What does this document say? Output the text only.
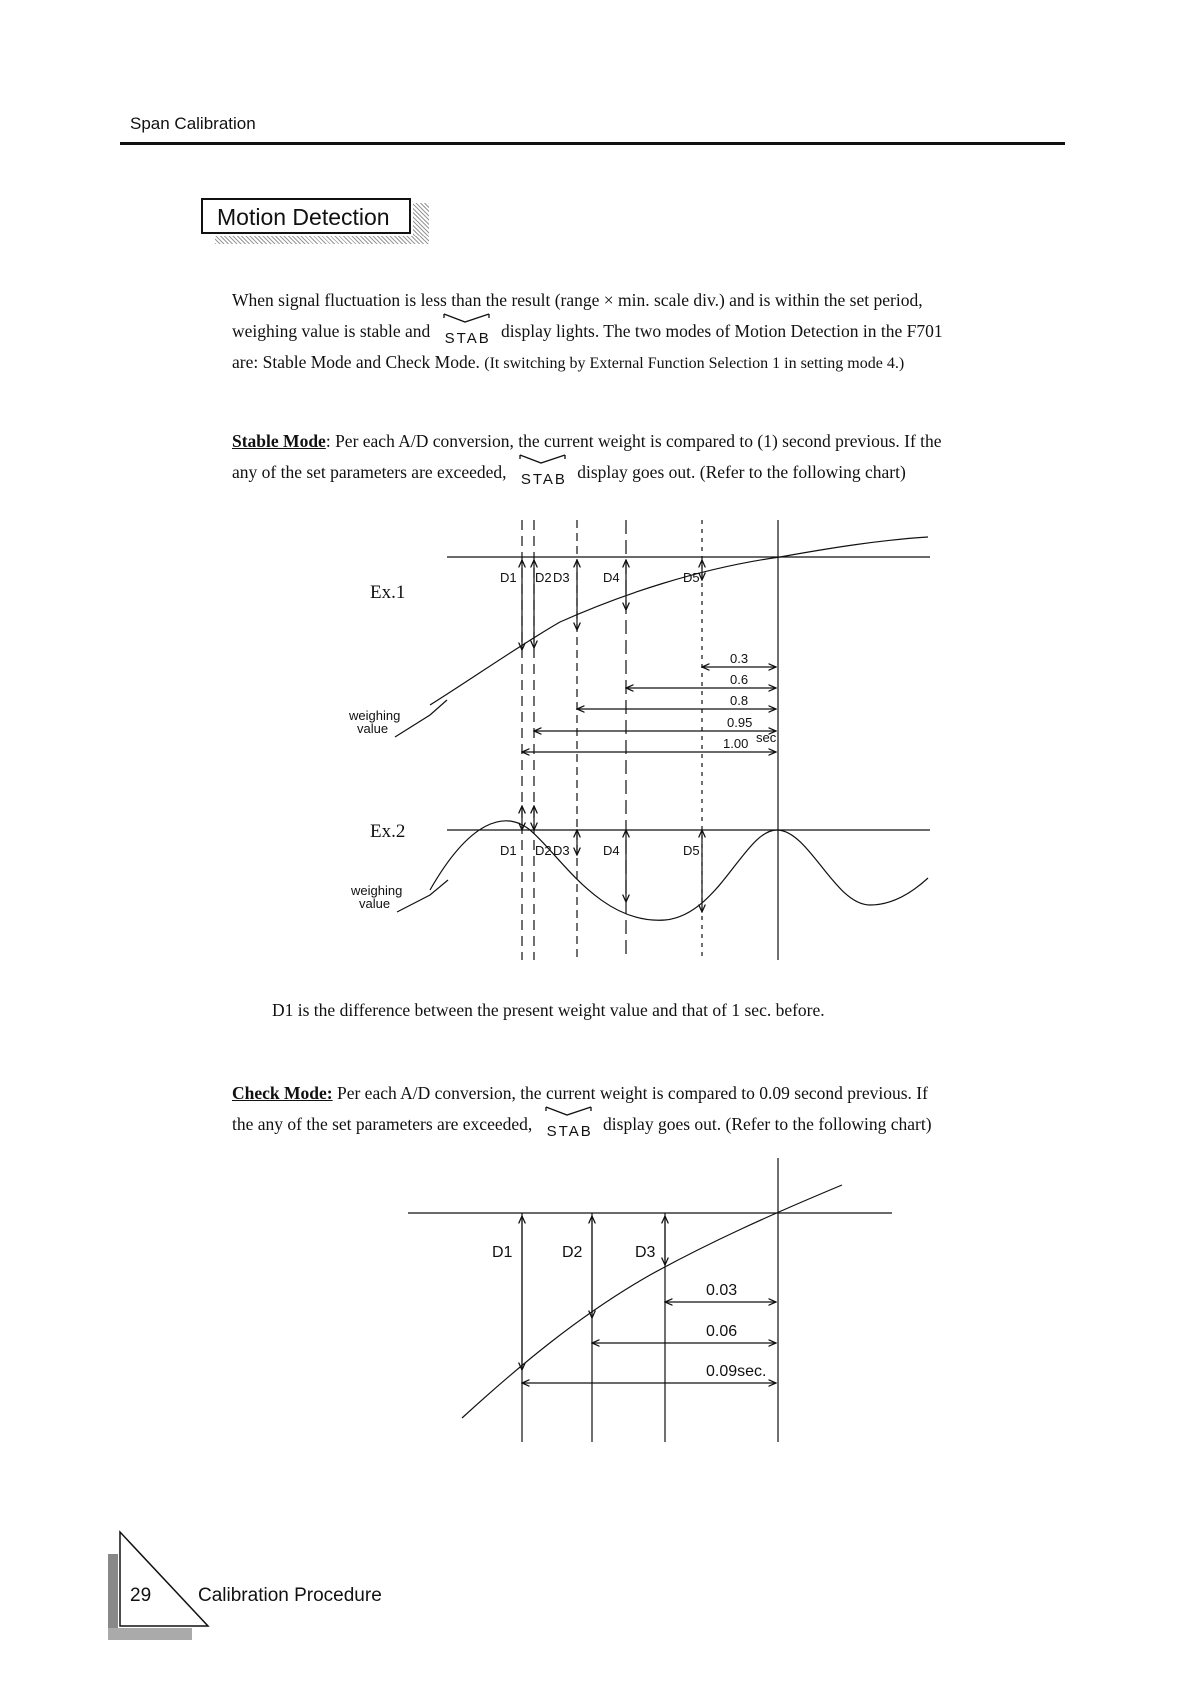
Span Calibration
Motion Detection
When signal fluctuation is less than the result (range × min. scale div.) and is within the set period,
weighing value is stable and STAB display lights. The two modes of Motion Detection in the F701
are: Stable Mode and Check Mode. (It switching by External Function Selection 1 in setting mode 4.)
Stable Mode: Per each A/D conversion, the current weight is compared to (1) second previous. If the
any of the set parameters are exceeded, STAB display goes out. (Refer to the following chart)
Ex.1
Ex.2
weighing
value
weighing
value
D1 D2 D3	D4	D5
D1 D2 D3	D4	D5
0.3
0.6
0.8
0.95
1.00 sec
D1 is the difference between the present weight value and that of 1 sec. before.
Check Mode: Per each A/D conversion, the current weight is compared to 0.09 second previous. If
the any of the set parameters are exceeded, STAB display goes out. (Refer to the following chart)
D1	D2	D3
0.03
0.06
0.09sec.
29 Calibration Procedure
